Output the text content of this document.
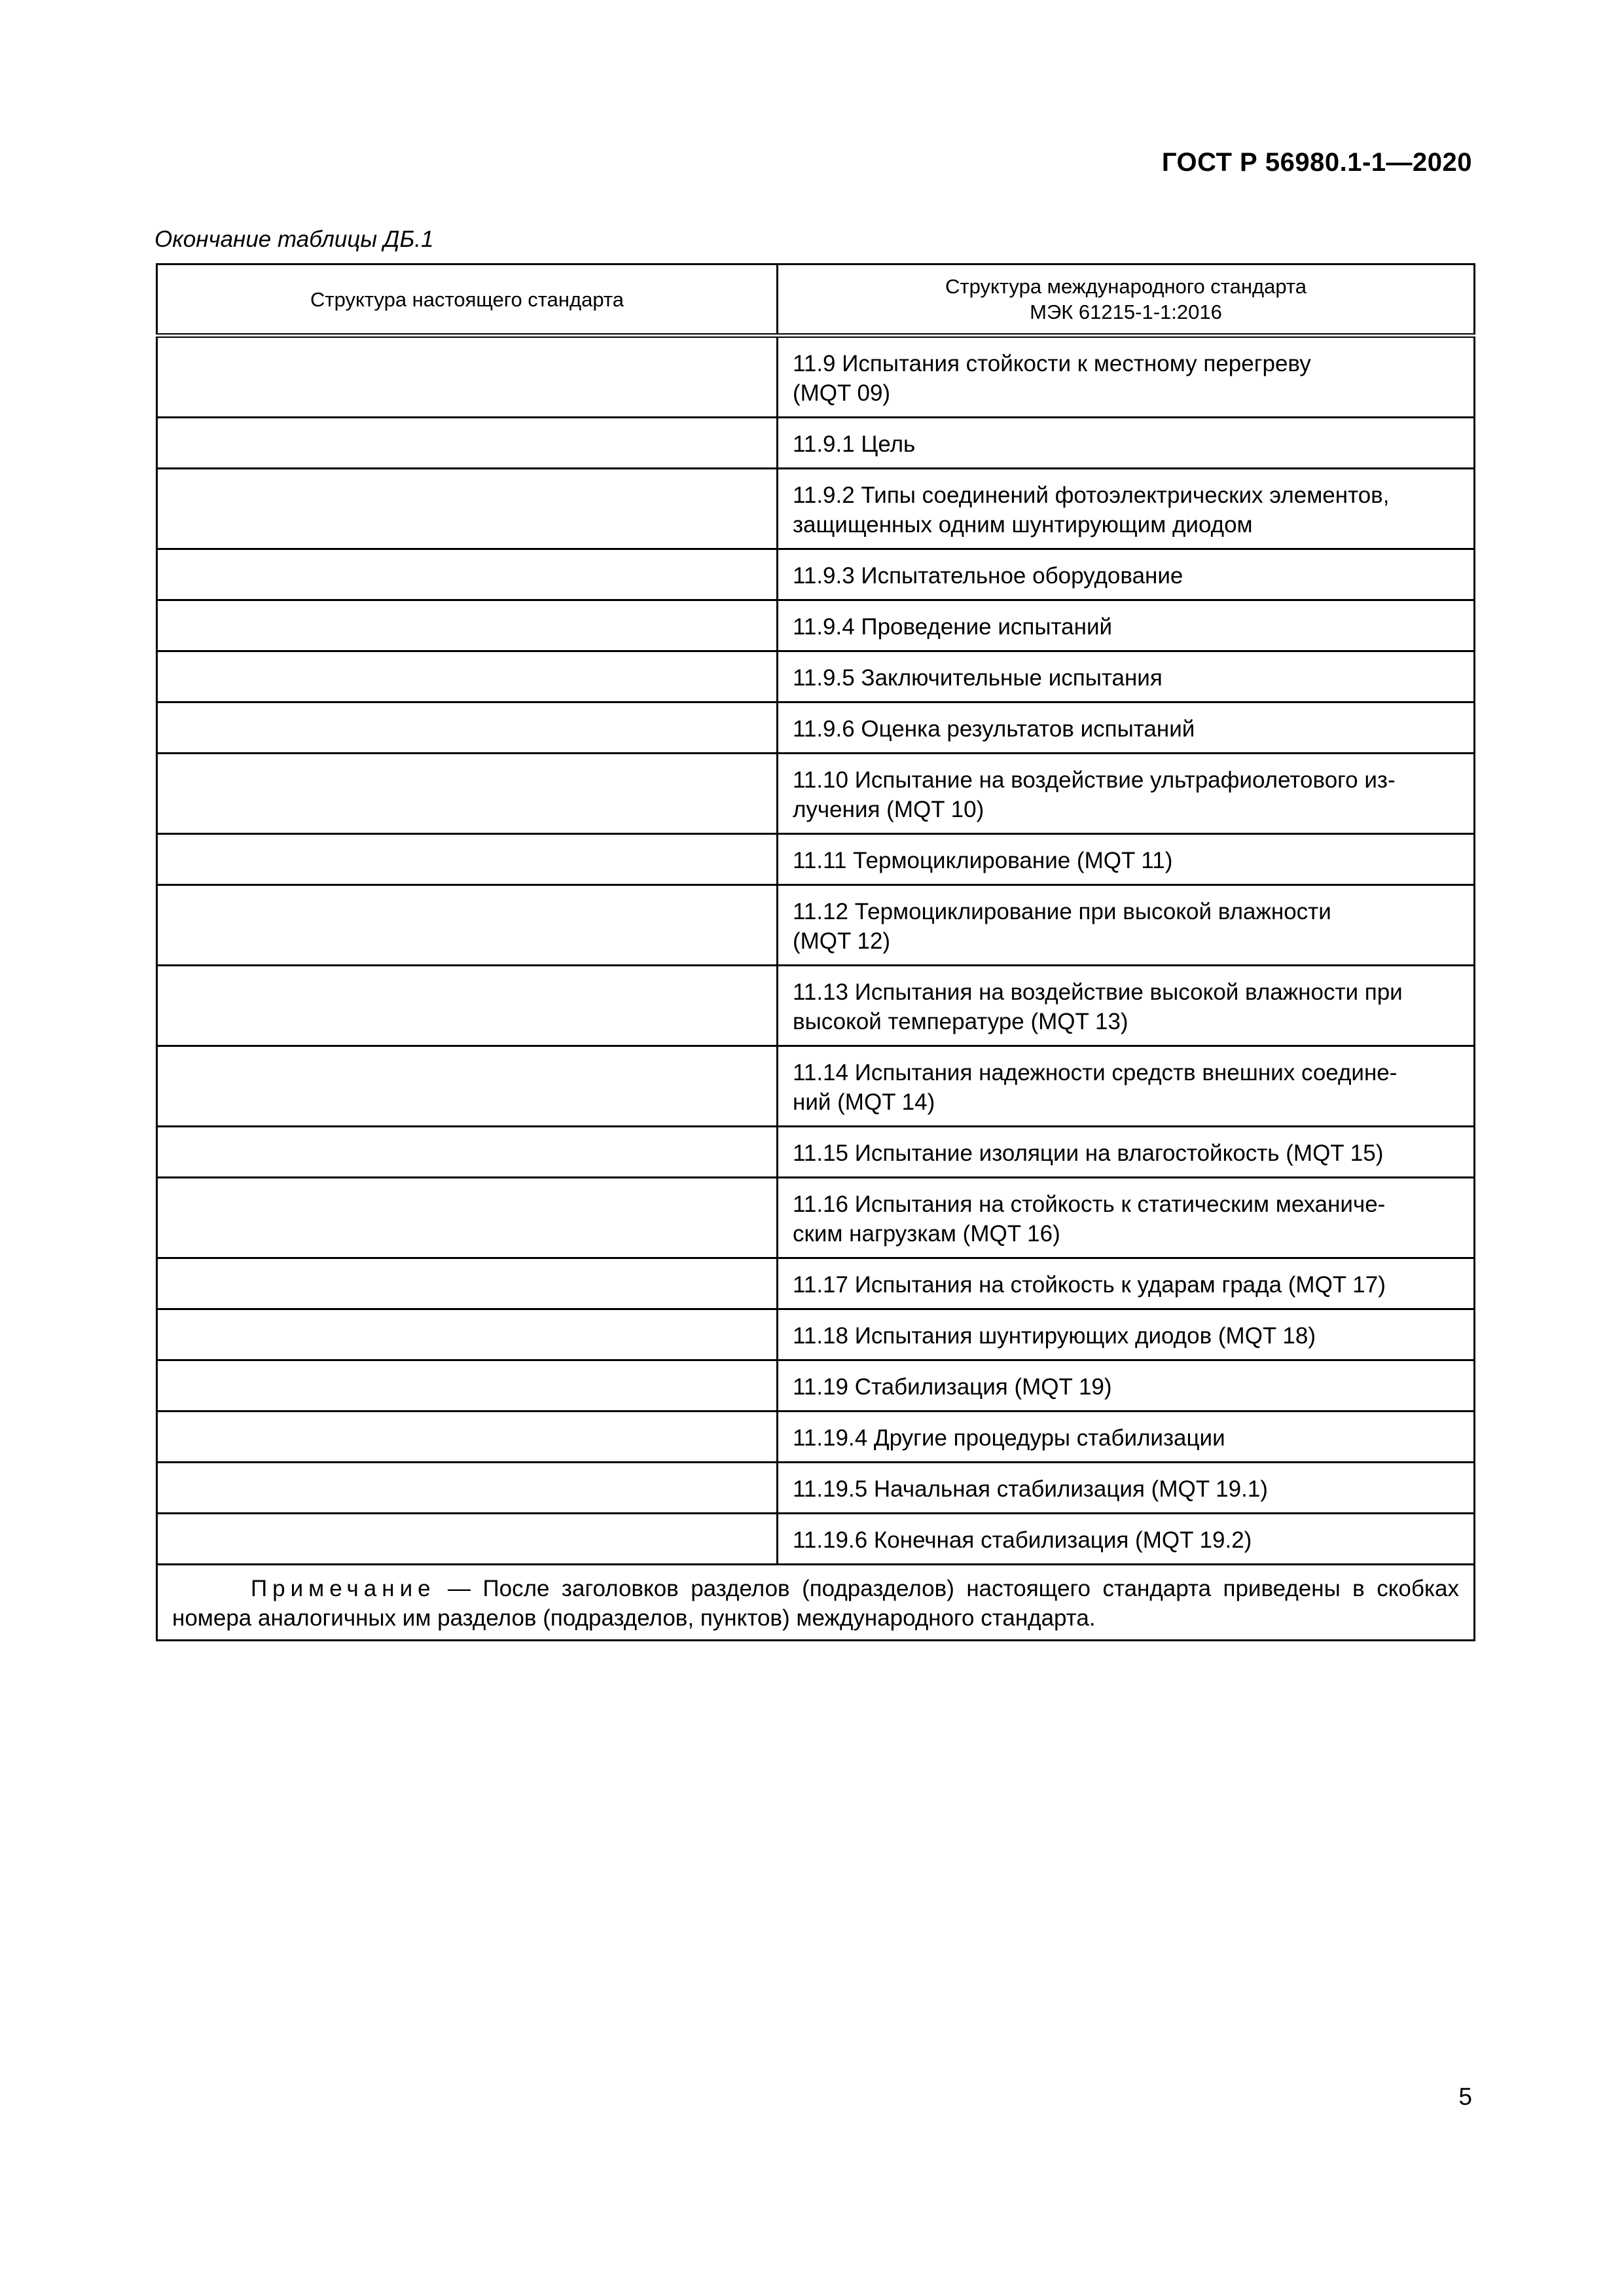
ГОСТ Р 56980.1-1—2020
Окончание таблицы ДБ.1
Структура настоящего стандарта	Структура международного стандарта
МЭК 61215-1-1:2016
	11.9 Испытания стойкости к местному перегреву
(MQT 09)
	11.9.1 Цель
	11.9.2 Типы соединений фотоэлектрических элементов,
защищенных одним шунтирующим диодом
	11.9.3 Испытательное оборудование
	11.9.4 Проведение испытаний
	11.9.5 Заключительные испытания
	11.9.6 Оценка результатов испытаний
	11.10 Испытание на воздействие ультрафиолетового из-
лучения (MQT 10)
	11.11 Термоциклирование (MQT 11)
	11.12 Термоциклирование при высокой влажности
(MQT 12)
	11.13 Испытания на воздействие высокой влажности при
высокой температуре (MQT 13)
	11.14 Испытания надежности средств внешних соедине-
ний (MQT 14)
	11.15 Испытание изоляции на влагостойкость (MQT 15)
	11.16 Испытания на стойкость к статическим механиче-
ским нагрузкам (MQT 16)
	11.17 Испытания на стойкость к ударам града (MQT 17)
	11.18 Испытания шунтирующих диодов (MQT 18)
	11.19 Стабилизация (MQT 19)
	11.19.4 Другие процедуры стабилизации
	11.19.5 Начальная стабилизация (MQT 19.1)
	11.19.6 Конечная стабилизация (MQT 19.2)
Примечание — После заголовков разделов (подразделов) настоящего стандарта приведены в скобках номера аналогичных им разделов (подразделов, пунктов) международного стандарта.	
5
